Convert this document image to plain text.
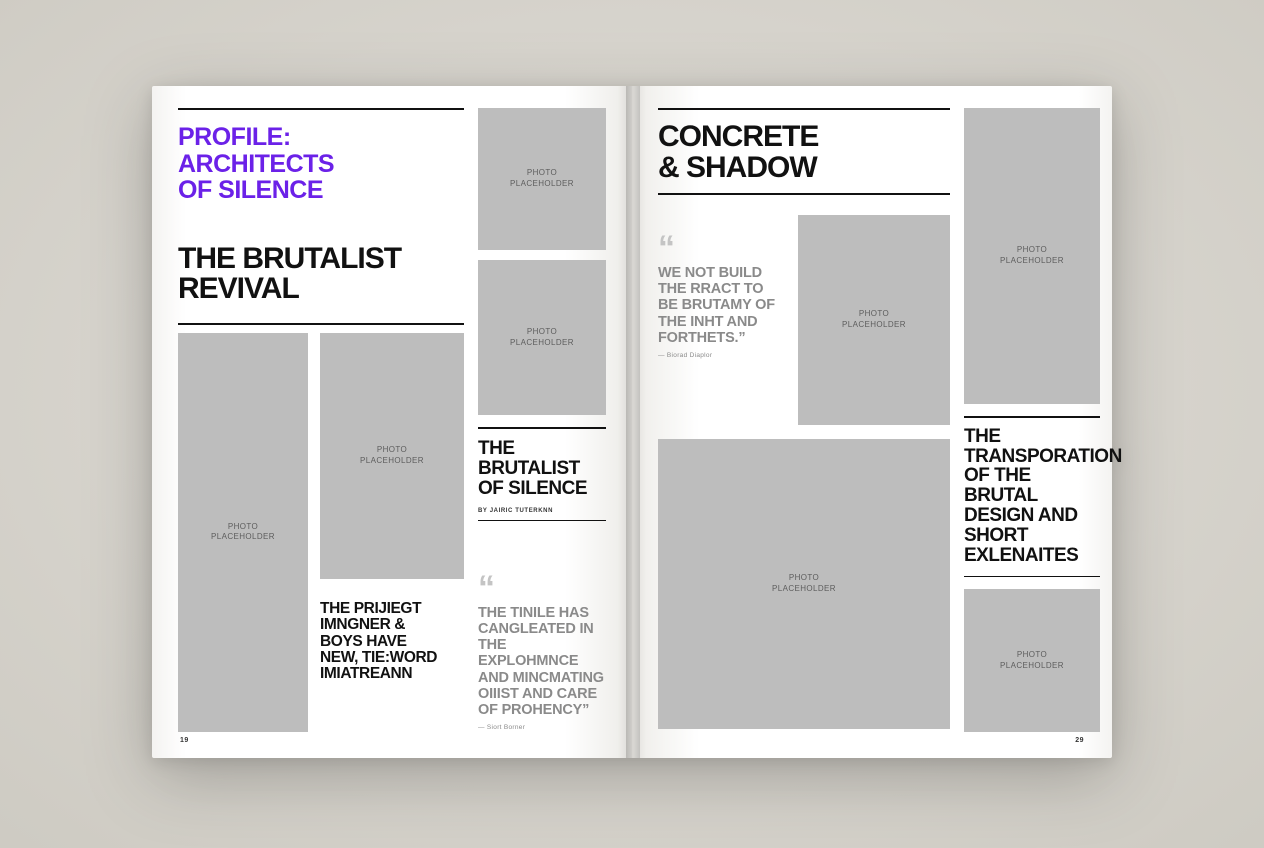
PROFILE:
ARCHITECTS
OF SILENCE
THE BRUTALIST
REVIVAL
PHOTO
PLACEHOLDER
PHOTO
PLACEHOLDER
THE PRIJIEGT
IMNGNER &
BOYS HAVE
NEW, TIE:WORD
IMIATREANN
PHOTO
PLACEHOLDER
PHOTO
PLACEHOLDER
THE
BRUTALIST
OF SILENCE

BY JAIRIC TUTERKNN

“
THE TINILE HAS
CANGLEATED IN
THE EXPLOHMNCE
AND MINCMATING
OIIIST AND CARE
OF PROHENCY”

— Siort Borner

19
CONCRETE
& SHADOW
“
WE NOT BUILD
THE RRACT TO
BE BRUTAMY OF
THE INHT AND
FORTHETS.”

— Biorad Diaplor

PHOTO
PLACEHOLDER
PHOTO
PLACEHOLDER
PHOTO
PLACEHOLDER
THE
TRANSPORATION
OF THE
BRUTAL
DESIGN AND
SHORT
EXLENAITES
PHOTO
PLACEHOLDER
29
